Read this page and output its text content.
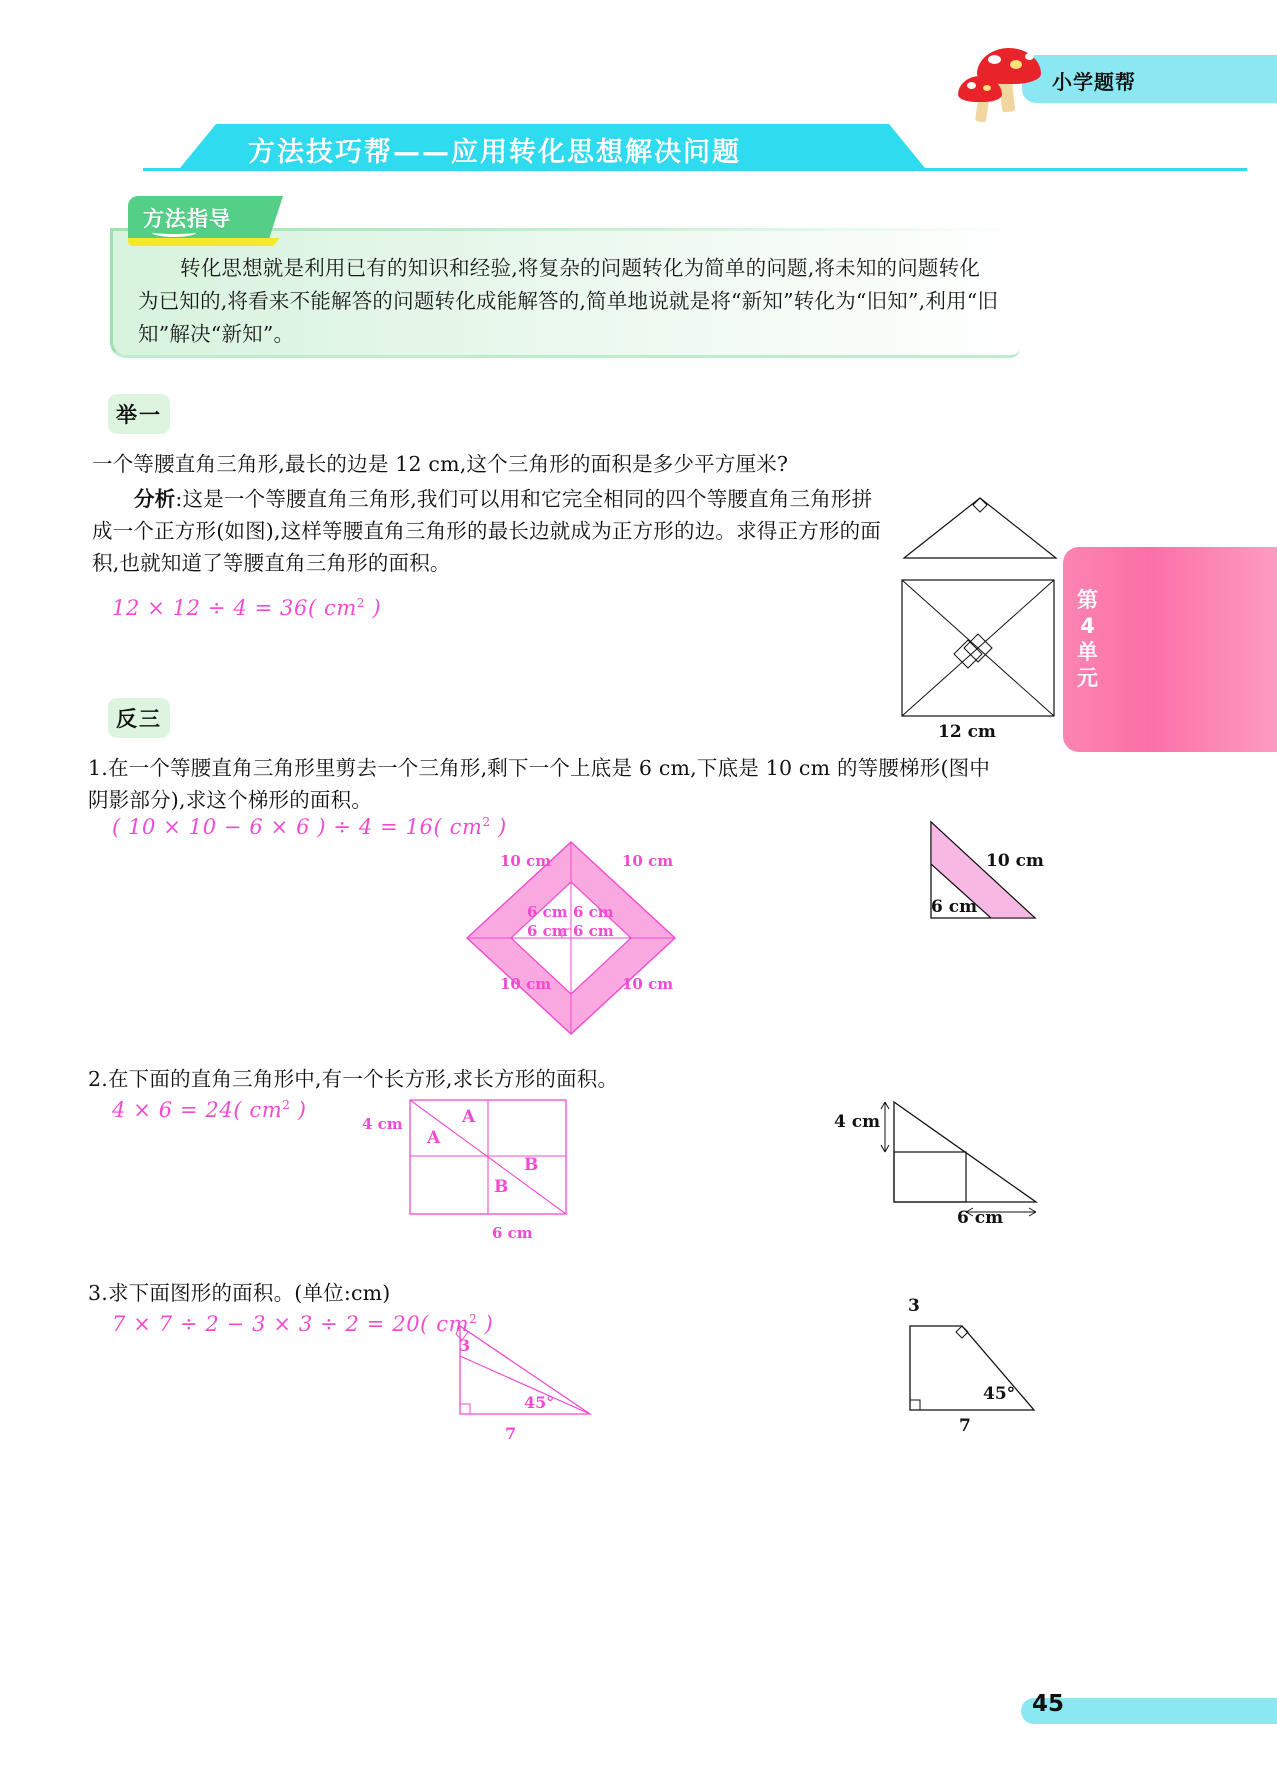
小学题帮
方法技巧帮——应用转化思想解决问题
方法指导
转化思想就是利用已有的知识和经验,将复杂的问题转化为简单的问题,将未知的问题转化为已知的,将看来不能解答的问题转化成能解答的,简单地说就是将“新知”转化为“旧知”,利用“旧知”解决“新知”。
举一
一个等腰直角三角形,最长的边是 12 cm,这个三角形的面积是多少平方厘米?
分析:这是一个等腰直角三角形,我们可以用和它完全相同的四个等腰直角三角形拼成一个正方形(如图),这样等腰直角三角形的最长边就成为正方形的边。求得正方形的面积,也就知道了等腰直角三角形的面积。
12 × 12 ÷ 4 = 36( $cm^2$ )
12 cm
第4单元
反三
1.在一个等腰直角三角形里剪去一个三角形,剩下一个上底是 6 cm,下底是 10 cm 的等腰梯形(图中阴影部分),求这个梯形的面积。
( 10 × 10 − 6 × 6 ) ÷ 4 = 16( $cm^2$ )
10 cm	10 cm
10 cm	10 cm
6 cm 6 cm
6 cm 6 cm
10 cm
6 cm
2.在下面的直角三角形中,有一个长方形,求长方形的面积。
4 × 6 = 24( $cm^2$ )	A
A
B
B
4 cm
6 cm
4 cm
6 cm
3.求下面图形的面积。(单位:cm)
7 × 7 ÷ 2 − 3 × 3 ÷ 2 = 20( $cm^2$ )
3
45°
7
3
45°
7
45
